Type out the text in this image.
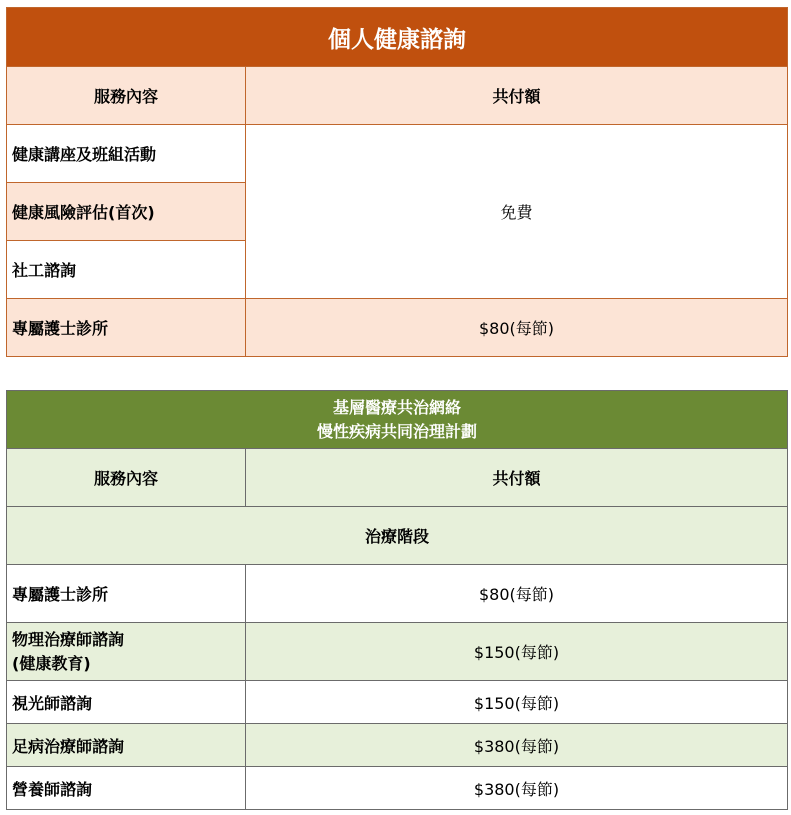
個人健康諮詢	
服務內容	共付額
健康講座及班組活動	免費
健康風險評估(首次)	
社工諮詢	
專屬護士診所	$80(每節)
基層醫療共治網絡
慢性疾病共同治理計劃	

服務內容	共付額
治療階段	
專屬護士診所	$80(每節)

物理治療師諮詢
(健康教育)	$150(每節)
視光師諮詢	$150(每節)
足病治療師諮詢	$380(每節)
營養師諮詢	$380(每節)
